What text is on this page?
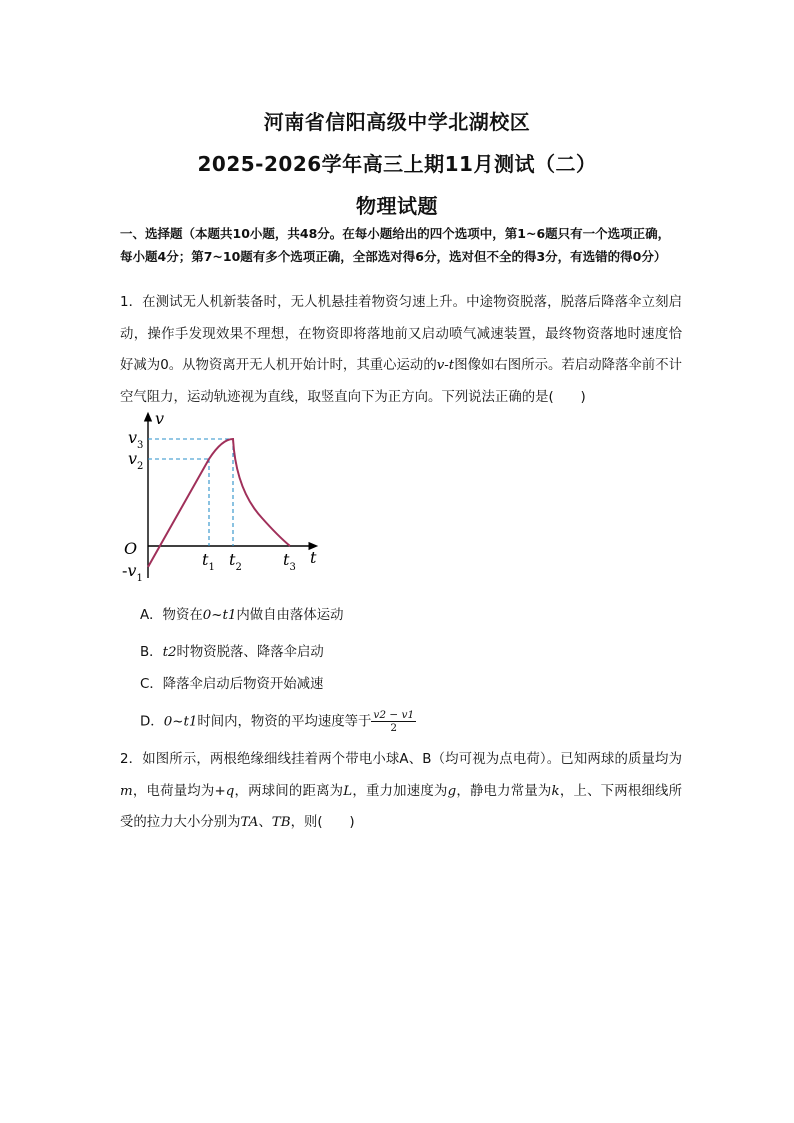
河南省信阳高级中学北湖校区
2025-2026学年高三上期11月测试（二）
物理试题
一、选择题（本题共10小题，共48分。在每小题给出的四个选项中，第1~6题只有一个选项正确，每小题4分；第7~10题有多个选项正确，全部选对得6分，选对但不全的得3分，有选错的得0分）
1．在测试无人机新装备时，无人机悬挂着物资匀速上升。中途物资脱落，脱落后降落伞立刻启动，操作手发现效果不理想，在物资即将落地前又启动喷气减速装置，最终物资落地时速度恰好减为0。从物资离开无人机开始计时，其重心运动的v-t图像如右图所示。若启动降落伞前不计空气阻力，运动轨迹视为直线，取竖直向下为正方向。下列说法正确的是(　　)
v
t
O
$v_3$
$v_2$
$-v_1$
$t_1$ $t_2$	$t_3$
A．物资在0~t1内做自由落体运动
B．t2时物资脱落、降落伞启动
C．降落伞启动后物资开始减速
D．0~t1时间内，物资的平均速度等于 $\frac{v2 - v1}{2}$
2．如图所示，两根绝缘细线挂着两个带电小球A、B（均可视为点电荷）。已知两球的质量均为m，电荷量均为+q，两球间的距离为L，重力加速度为g，静电力常量为k，上、下两根细线所受的拉力大小分别为TA、TB，则(　　)
